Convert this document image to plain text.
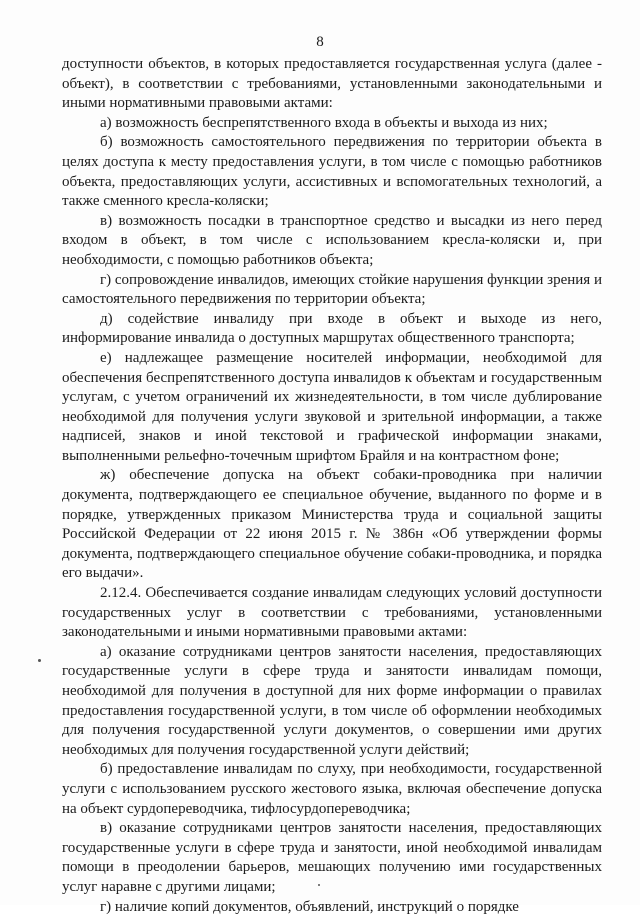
8

доступности объектов, в которых предоставляется государственная услуга (далее - объект), в соответствии с требованиями, установленными законодательными и иными нормативными правовыми актами:

а) возможность беспрепятственного входа в объекты и выхода из них;

б) возможность самостоятельного передвижения по территории объекта в целях доступа к месту предоставления услуги, в том числе с помощью работников объекта, предоставляющих услуги, ассистивных и вспомогательных технологий, а также сменного кресла-коляски;

в) возможность посадки в транспортное средство и высадки из него перед входом в объект, в том числе с использованием кресла-коляски и, при необходимости, с помощью работников объекта;

г) сопровождение инвалидов, имеющих стойкие нарушения функции зрения и самостоятельного передвижения по территории объекта;

д) содействие инвалиду при входе в объект и выходе из него, информирование инвалида о доступных маршрутах общественного транспорта;

е) надлежащее размещение носителей информации, необходимой для обеспечения беспрепятственного доступа инвалидов к объектам и государственным услугам, с учетом ограничений их жизнедеятельности, в том числе дублирование необходимой для получения услуги звуковой и зрительной информации, а также надписей, знаков и иной текстовой и графической информации знаками, выполненными рельефно-точечным шрифтом Брайля и на контрастном фоне;

ж) обеспечение допуска на объект собаки-проводника при наличии документа, подтверждающего ее специальное обучение, выданного по форме и в порядке, утвержденных приказом Министерства труда и социальной защиты Российской Федерации от 22 июня 2015 г. № 386н «Об утверждении формы документа, подтверждающего специальное обучение собаки-проводника, и порядка его выдачи».

2.12.4. Обеспечивается создание инвалидам следующих условий доступности государственных услуг в соответствии с требованиями, установленными законодательными и иными нормативными правовыми актами:

а) оказание сотрудниками центров занятости населения, предоставляющих государственные услуги в сфере труда и занятости инвалидам помощи, необходимой для получения в доступной для них форме информации о правилах предоставления государственной услуги, в том числе об оформлении необходимых для получения государственной услуги документов, о совершении ими других необходимых для получения государственной услуги действий;

б) предоставление инвалидам по слуху, при необходимости, государственной услуги с использованием русского жестового языка, включая обеспечение допуска на объект сурдопереводчика, тифлосурдопереводчика;

в) оказание сотрудниками центров занятости населения, предоставляющих государственные услуги в сфере труда и занятости, иной необходимой инвалидам помощи в преодолении барьеров, мешающих получению ими государственных услуг наравне с другими лицами;

г) наличие копий документов, объявлений, инструкций о порядке
